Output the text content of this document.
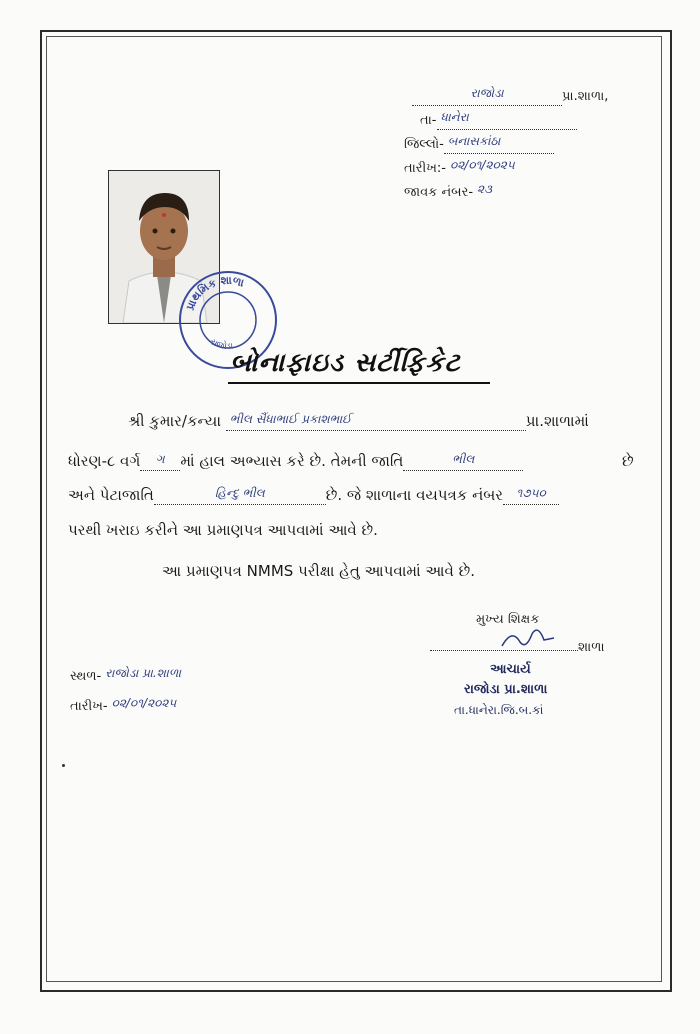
રાજોડા	પ્રા.શાળા,
તા- ધાનેરા
જિલ્લો- બનાસકાંઠા
તારીખ:- ૦૨/૦૧/૨૦૨૫
જાવક નંબર- ૨૩
પ્રાથમિક શાળા
રાજોડા
બોનાફાઇડ સર્ટીફિકેટ
શ્રી કુમાર/કન્યા $^{ભીલ સૈંધાભાઈ પ્રકાશભાઈ}$	પ્રા.શાળામાં
ધોરણ-૮ વર્ગ $^ગ$ માં હાલ અભ્યાસ કરે છે. તેમની જાતિ	$^{ભીલ}$	છે
અને પેટાજાતિ	$^{હિન્દુ ભીલ}$	છે. જે શાળાના વયપત્રક નંબર $^{૧૭૫૦}$
પરથી ખરાઇ કરીને આ પ્રમાણપત્ર આપવામાં આવે છે.
આ પ્રમાણપત્ર NMMS પરીક્ષા હેતુ આપવામાં આવે છે.
મુખ્ય શિક્ષક
શાળા
આચાર્ય
રાજોડા પ્રા.શાળા
તા.ધાનેરા.જિ.બ.કાં
સ્થળ- રાજોડા પ્રા.શાળા
તારીખ- ૦૨/૦૧/૨૦૨૫
